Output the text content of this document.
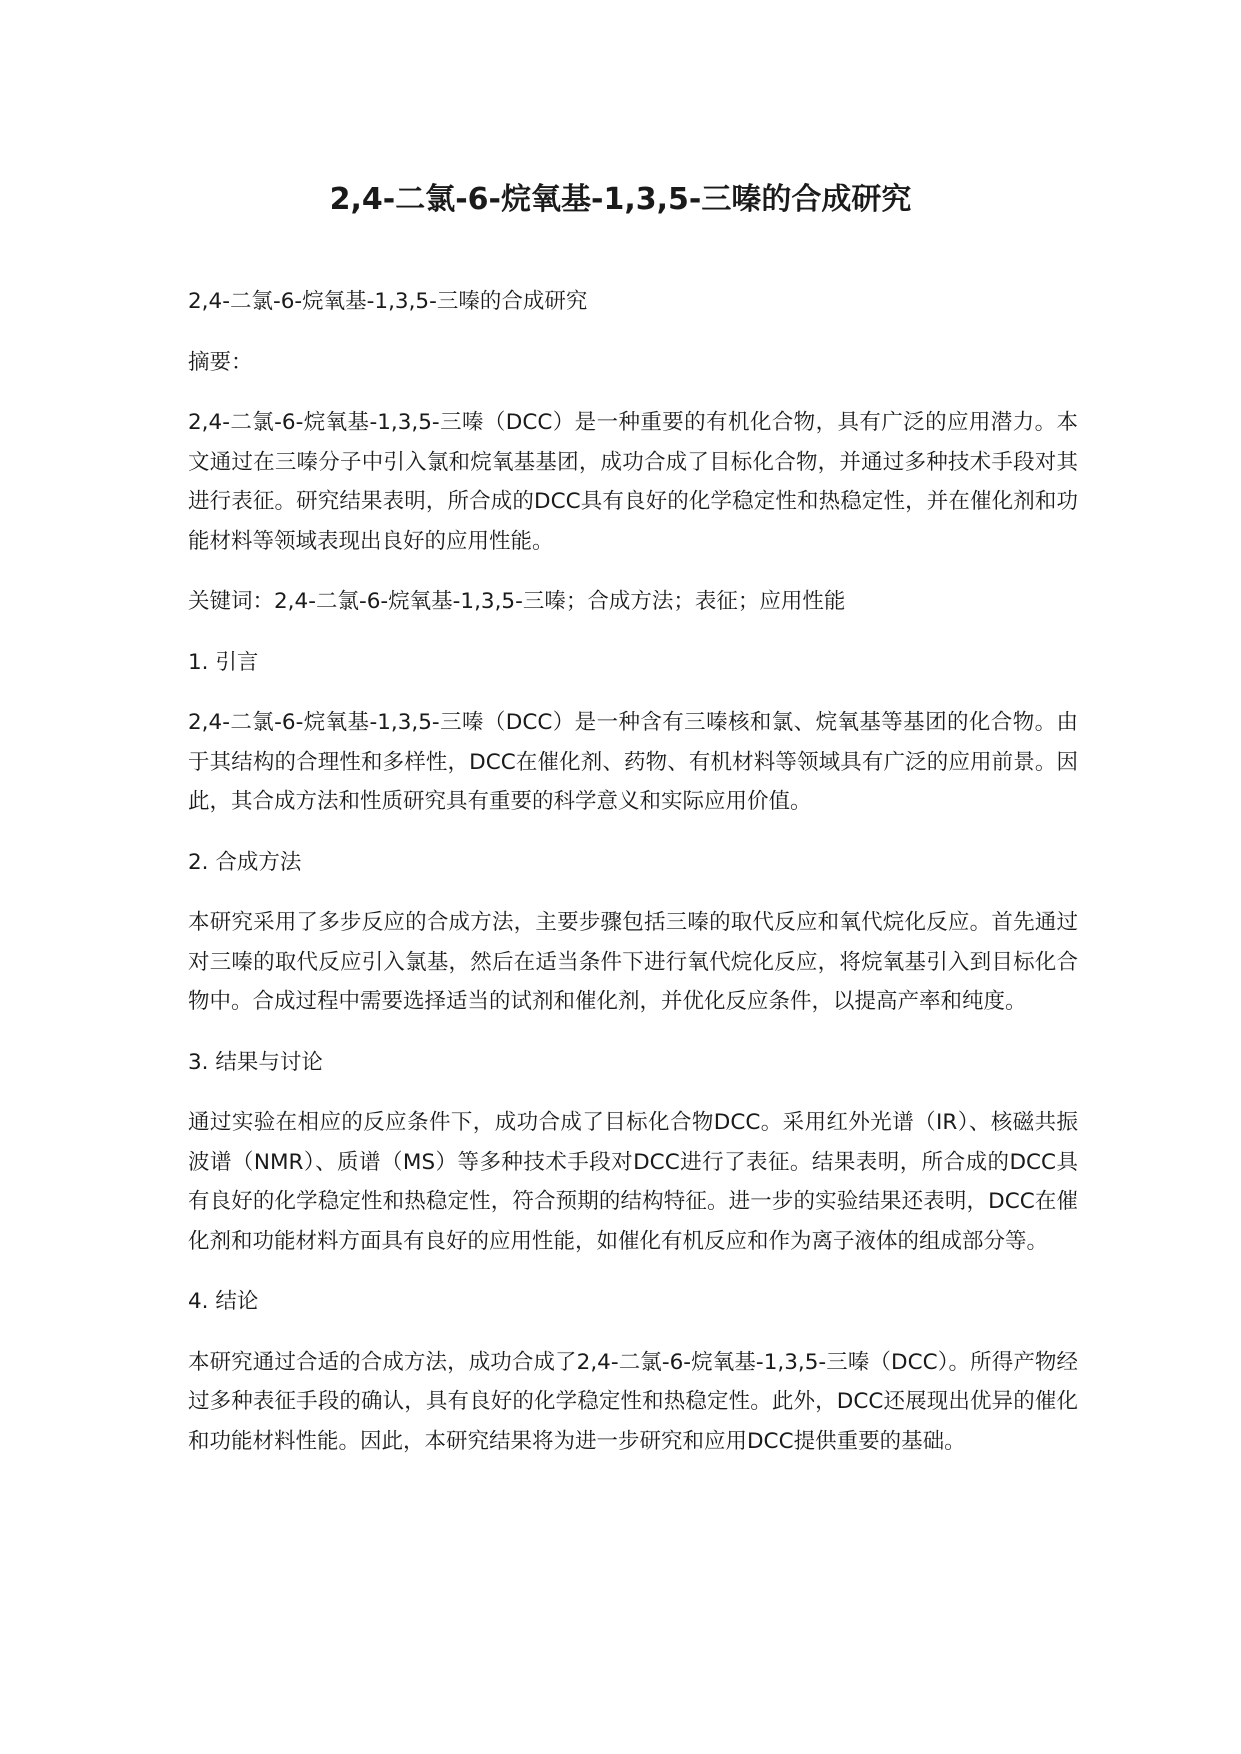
2,4-二氯-6-烷氧基-1,3,5-三嗪的合成研究

2,4-二氯-6-烷氧基-1,3,5-三嗪的合成研究

摘要：

2,4-二氯-6-烷氧基-1,3,5-三嗪（DCC）是一种重要的有机化合物，具有广泛的应用潜力。本文通过在三嗪分子中引入氯和烷氧基基团，成功合成了目标化合物，并通过多种技术手段对其进行表征。研究结果表明，所合成的DCC具有良好的化学稳定性和热稳定性，并在催化剂和功能材料等领域表现出良好的应用性能。

关键词：2,4-二氯-6-烷氧基-1,3,5-三嗪；合成方法；表征；应用性能

1. 引言

2,4-二氯-6-烷氧基-1,3,5-三嗪（DCC）是一种含有三嗪核和氯、烷氧基等基团的化合物。由于其结构的合理性和多样性，DCC在催化剂、药物、有机材料等领域具有广泛的应用前景。因此，其合成方法和性质研究具有重要的科学意义和实际应用价值。

2. 合成方法

本研究采用了多步反应的合成方法，主要步骤包括三嗪的取代反应和氧代烷化反应。首先通过对三嗪的取代反应引入氯基，然后在适当条件下进行氧代烷化反应，将烷氧基引入到目标化合物中。合成过程中需要选择适当的试剂和催化剂，并优化反应条件，以提高产率和纯度。

3. 结果与讨论

通过实验在相应的反应条件下，成功合成了目标化合物DCC。采用红外光谱（IR）、核磁共振波谱（NMR）、质谱（MS）等多种技术手段对DCC进行了表征。结果表明，所合成的DCC具有良好的化学稳定性和热稳定性，符合预期的结构特征。进一步的实验结果还表明，DCC在催化剂和功能材料方面具有良好的应用性能，如催化有机反应和作为离子液体的组成部分等。

4. 结论

本研究通过合适的合成方法，成功合成了2,4-二氯-6-烷氧基-1,3,5-三嗪（DCC）。所得产物经过多种表征手段的确认，具有良好的化学稳定性和热稳定性。此外，DCC还展现出优异的催化和功能材料性能。因此，本研究结果将为进一步研究和应用DCC提供重要的基础。
